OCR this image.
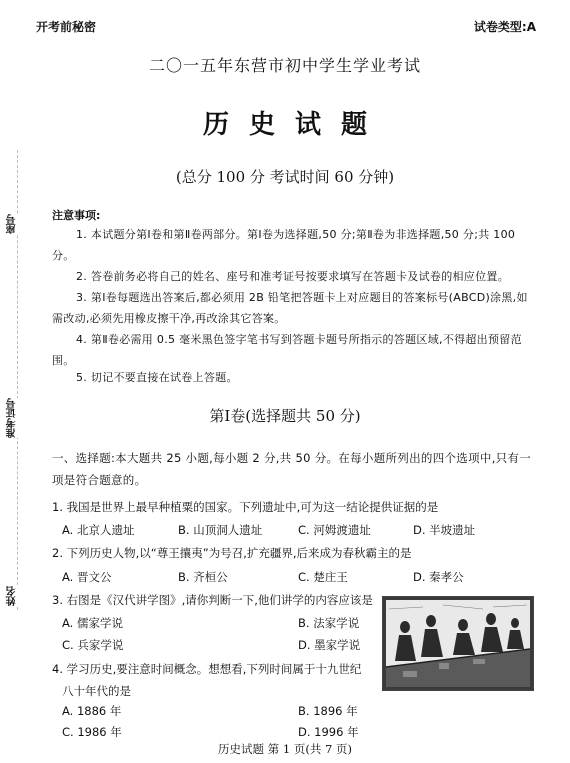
开考前秘密	试卷类型:A
二〇一五年东营市初中学生学业考试
历史试题
(总分 100 分 考试时间 60 分钟)
座号
准考证号
姓名
注意事项:
1. 本试题分第Ⅰ卷和第Ⅱ卷两部分。第Ⅰ卷为选择题,50 分;第Ⅱ卷为非选择题,50 分;共 100 分。
2. 答卷前务必将自己的姓名、座号和准考证号按要求填写在答题卡及试卷的相应位置。
3. 第Ⅰ卷每题选出答案后,都必须用 2B 铅笔把答题卡上对应题目的答案标号(ABCD)涂黑,如需改动,必须先用橡皮擦干净,再改涂其它答案。
4. 第Ⅱ卷必需用 0.5 毫米黑色签字笔书写到答题卡题号所指示的答题区域,不得超出预留范围。
5. 切记不要直接在试卷上答题。
第Ⅰ卷(选择题共 50 分)
一、选择题:本大题共 25 小题,每小题 2 分,共 50 分。在每小题所列出的四个选项中,只有一项是符合题意的。
1. 我国是世界上最早种植粟的国家。下列遗址中,可为这一结论提供证据的是
A. 北京人遗址	B. 山顶洞人遗址	C. 河姆渡遗址	D. 半坡遗址
2. 下列历史人物,以“尊王攘夷”为号召,扩充疆界,后来成为春秋霸主的是
A. 晋文公	B. 齐桓公	C. 楚庄王	D. 秦孝公
3. 右图是《汉代讲学图》,请你判断一下,他们讲学的内容应该是
A. 儒家学说	B. 法家学说
C. 兵家学说	D. 墨家学说
4. 学习历史,要注意时间概念。想想看,下列时间属于十九世纪
八十年代的是
A. 1886 年	B. 1896 年
C. 1986 年	D. 1996 年
历史试题 第 1 页(共 7 页)
